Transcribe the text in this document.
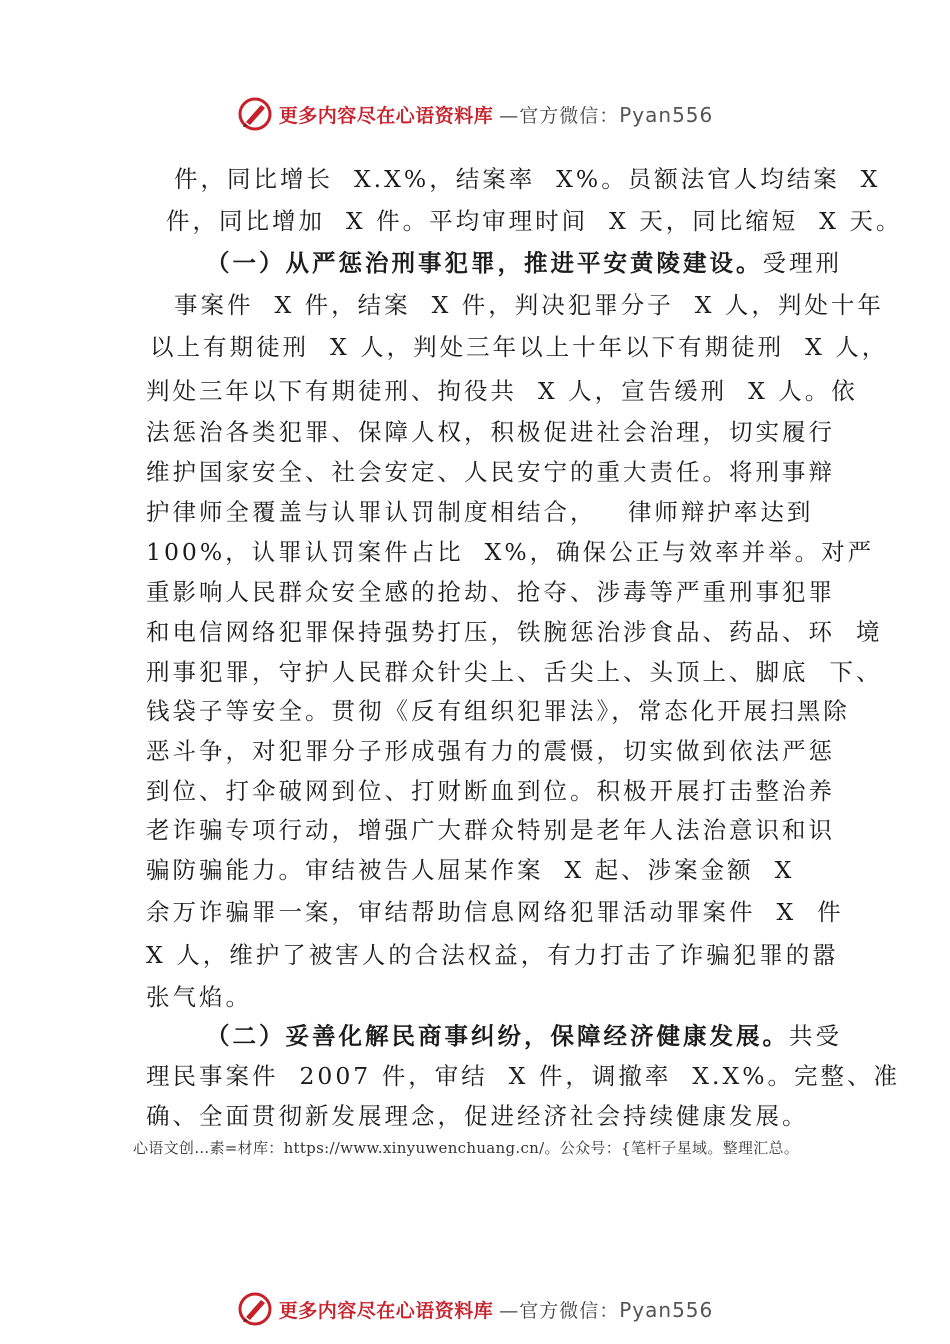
更多内容尽在心语资料库 —官方微信：Pyan556
件，同比增长  X.X%，结案率  X%。员额法官人均结案  X
件，同比增加  X 件。平均审理时间  X 天，同比缩短  X 天。
（一）从严惩治刑事犯罪，推进平安黄陵建设。受理刑
事案件  X 件，结案  X 件，判决犯罪分子  X 人，判处十年
以上有期徒刑  X 人，判处三年以上十年以下有期徒刑  X 人，
判处三年以下有期徒刑、拘役共  X 人，宣告缓刑  X 人。依
法惩治各类犯罪、保障人权，积极促进社会治理，切实履行
维护国家安全、社会安定、人民安宁的重大责任。将刑事辩
护律师全覆盖与认罪认罚制度相结合，   律师辩护率达到
100%，认罪认罚案件占比  X%，确保公正与效率并举。对严
重影响人民群众安全感的抢劫、抢夺、涉毒等严重刑事犯罪
和电信网络犯罪保持强势打压，铁腕惩治涉食品、药品、环  境
刑事犯罪，守护人民群众针尖上、舌尖上、头顶上、脚底  下、
钱袋子等安全。贯彻《反有组织犯罪法》，常态化开展扫黑除
恶斗争，对犯罪分子形成强有力的震慑，切实做到依法严惩
到位、打伞破网到位、打财断血到位。积极开展打击整治养
老诈骗专项行动，增强广大群众特别是老年人法治意识和识
骗防骗能力。审结被告人屈某作案  X 起、涉案金额  X
余万诈骗罪一案，审结帮助信息网络犯罪活动罪案件  X  件
X 人，维护了被害人的合法权益，有力打击了诈骗犯罪的嚣
张气焰。
（二）妥善化解民商事纠纷，保障经济健康发展。共受
理民事案件  2007 件，审结  X 件，调撤率  X.X%。完整、准
确、全面贯彻新发展理念，促进经济社会持续健康发展。
心语文创…素=材库：https://www.xinyuwenchuang.cn/。公众号：{笔杆子星域。整理汇总。
更多内容尽在心语资料库 —官方微信：Pyan556
